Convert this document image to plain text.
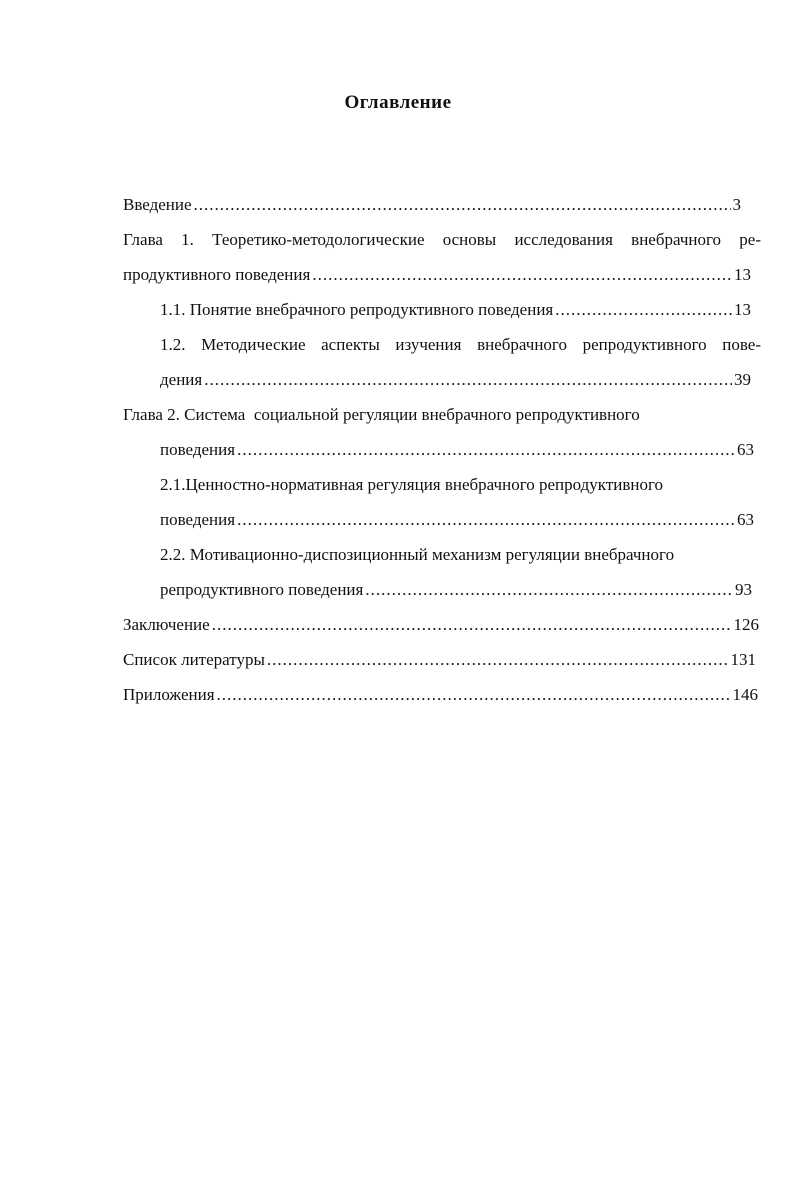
Оглавление
Введение .....	3
Глава 1. Теоретико-методологические основы исследования внебрачного ре-
продуктивного поведения .....	13
1.1. Понятие внебрачного репродуктивного поведения .....	13
1.2. Методические аспекты изучения внебрачного репродуктивного пове-
дения .....	39
Глава 2. Система  социальной регуляции внебрачного репродуктивного
поведения .....	63
2.1.Ценностно-нормативная регуляция внебрачного репродуктивного
поведения .....	63
2.2. Мотивационно-диспозиционный механизм регуляции внебрачного
репродуктивного поведения .....	93
Заключение .....	126
Список литературы .....	131
Приложения .....	146
